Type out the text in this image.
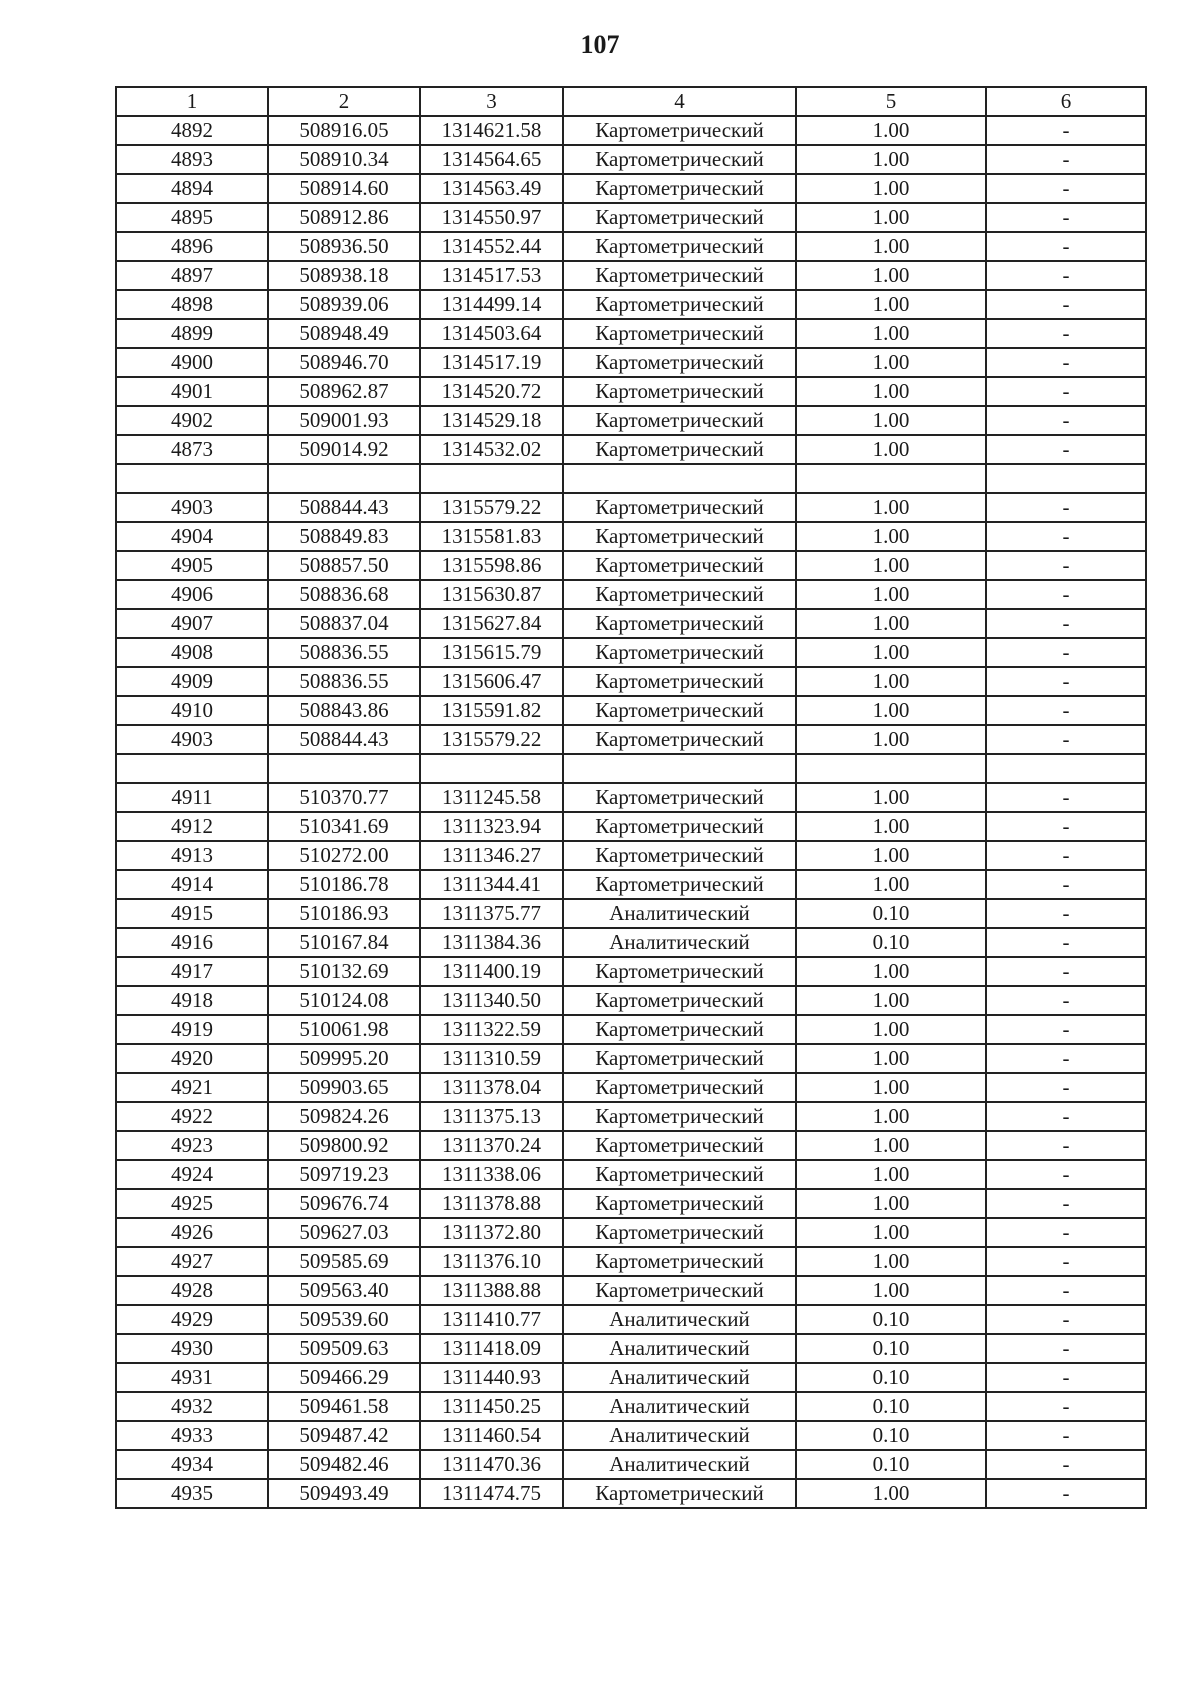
107
1	2	3	4	5	6
4892	508916.05	1314621.58	Картометрический	1.00	-
4893	508910.34	1314564.65	Картометрический	1.00	-
4894	508914.60	1314563.49	Картометрический	1.00	-
4895	508912.86	1314550.97	Картометрический	1.00	-
4896	508936.50	1314552.44	Картометрический	1.00	-
4897	508938.18	1314517.53	Картометрический	1.00	-
4898	508939.06	1314499.14	Картометрический	1.00	-
4899	508948.49	1314503.64	Картометрический	1.00	-
4900	508946.70	1314517.19	Картометрический	1.00	-
4901	508962.87	1314520.72	Картометрический	1.00	-
4902	509001.93	1314529.18	Картометрический	1.00	-
4873	509014.92	1314532.02	Картометрический	1.00	-

4903	508844.43	1315579.22	Картометрический	1.00	-
4904	508849.83	1315581.83	Картометрический	1.00	-
4905	508857.50	1315598.86	Картометрический	1.00	-
4906	508836.68	1315630.87	Картометрический	1.00	-
4907	508837.04	1315627.84	Картометрический	1.00	-
4908	508836.55	1315615.79	Картометрический	1.00	-
4909	508836.55	1315606.47	Картометрический	1.00	-
4910	508843.86	1315591.82	Картометрический	1.00	-
4903	508844.43	1315579.22	Картометрический	1.00	-

4911	510370.77	1311245.58	Картометрический	1.00	-
4912	510341.69	1311323.94	Картометрический	1.00	-
4913	510272.00	1311346.27	Картометрический	1.00	-
4914	510186.78	1311344.41	Картометрический	1.00	-
4915	510186.93	1311375.77	Аналитический	0.10	-
4916	510167.84	1311384.36	Аналитический	0.10	-
4917	510132.69	1311400.19	Картометрический	1.00	-
4918	510124.08	1311340.50	Картометрический	1.00	-
4919	510061.98	1311322.59	Картометрический	1.00	-
4920	509995.20	1311310.59	Картометрический	1.00	-
4921	509903.65	1311378.04	Картометрический	1.00	-
4922	509824.26	1311375.13	Картометрический	1.00	-
4923	509800.92	1311370.24	Картометрический	1.00	-
4924	509719.23	1311338.06	Картометрический	1.00	-
4925	509676.74	1311378.88	Картометрический	1.00	-
4926	509627.03	1311372.80	Картометрический	1.00	-
4927	509585.69	1311376.10	Картометрический	1.00	-
4928	509563.40	1311388.88	Картометрический	1.00	-
4929	509539.60	1311410.77	Аналитический	0.10	-
4930	509509.63	1311418.09	Аналитический	0.10	-
4931	509466.29	1311440.93	Аналитический	0.10	-
4932	509461.58	1311450.25	Аналитический	0.10	-
4933	509487.42	1311460.54	Аналитический	0.10	-
4934	509482.46	1311470.36	Аналитический	0.10	-
4935	509493.49	1311474.75	Картометрический	1.00	-
